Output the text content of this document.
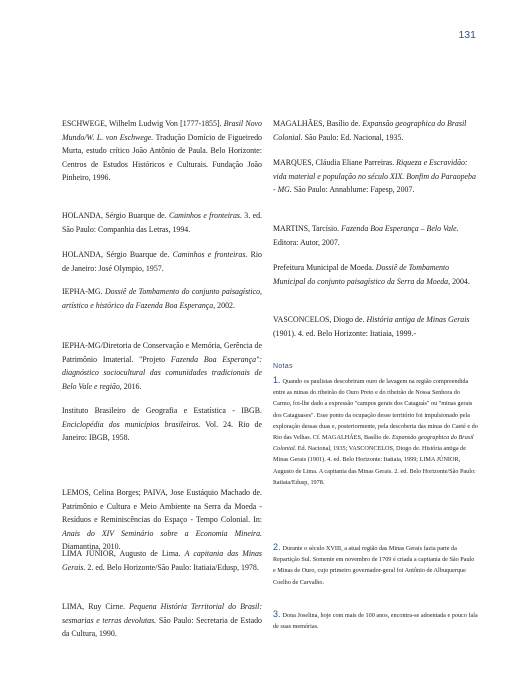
131

ESCHWEGE, Wilhelm Ludwig Von [1777-1855]. Brasil Novo Mundo/W. L. von Eschwege. Tradução Domício de Figueiredo Murta, estudo crítico João Antônio de Paula. Belo Horizonte: Centros de Estudos Históricos e Culturais. Fundação João Pinheiro, 1996.

HOLANDA, Sérgio Buarque de. Caminhos e fronteiras. 3. ed. São Paulo: Companhia das Letras, 1994.

HOLANDA, Sérgio Buarque de. Caminhos e fronteiras. Rio de Janeiro: José Olympio, 1957.

IEPHA-MG. Dossiê de Tombamento do conjunto paisagístico, artístico e histórico da Fazenda Boa Esperança, 2002.

IEPHA-MG/Diretoria de Conservação e Memória, Gerência de Patrimônio Imaterial. "Projeto Fazenda Boa Esperança": diagnóstico sociocultural das comunidades tradicionais de Belo Vale e região, 2016.

Instituto Brasileiro de Geografia e Estatística - IBGB. Enciclopédia dos municípios brasileiros. Vol. 24. Rio de Janeiro: IBGB, 1958.

LEMOS, Celina Borges; PAIVA, Jose Eustáquio Machado de. Patrimônio e Cultura e Meio Ambiente na Serra da Moeda - Resíduos e Reminiscências do Espaço - Tempo Colonial. In: Anais do XIV Seminário sobre a Economia Mineira. Diamantina, 2010.

LIMA JÚNIOR, Augusto de Lima. A capitania das Minas Gerais. 2. ed. Belo Horizonte/São Paulo: Itatiaia/Edusp, 1978.

LIMA, Ruy Cirne. Pequena História Territorial do Brasil: sesmarias e terras devolutas. São Paulo: Secretaria de Estado da Cultura, 1990.

MAGALHÃES, Basílio de. Expansão geographica do Brasil Colonial. São Paulo: Ed. Nacional, 1935.

MARQUES, Cláudia Eliane Parreiras. Riqueza e Escravidão: vida material e população no século XIX. Bonfim do Paraopeba - MG. São Paulo: Annablume: Fapesp, 2007.

MARTINS, Tarcísio. Fazenda Boa Esperança – Belo Vale. Editora: Autor, 2007.

Prefeitura Municipal de Moeda. Dossiê de Tombamento Municipal do conjunto paisagístico da Serra da Moeda, 2004.

VASCONCELOS, Diogo de. História antiga de Minas Gerais (1901). 4. ed. Belo Horizonte: Itatiaia, 1999.-

Notas

1. Quando os paulistas descobriram ouro de lavagem na região compreendida entre as minas do ribeirão do Ouro Preto e do ribeirão de Nossa Senhora do Carmo, foi-lhe dado a expressão "campos gerais dos Cataguás" ou "minas gerais dos Cataguases". Esse ponto da ocupação desse território foi impulsionado pela exploração dessas duas e, posteriormente, pela descoberta das minas do Caeté e do Rio das Velhas. Cf. MAGALHÃES, Basílio de. Expansão geographica do Brasil Colonial. Ed. Nacional, 1935; VASCONCELOS, Diogo de. História antiga de Minas Gerais (1901). 4. ed. Belo Horizonte: Itatiaia, 1999; LIMA JÚNIOR, Augusto de Lima. A capitania das Minas Gerais. 2. ed. Belo Horizonte/São Paulo: Itatiaia/Edusp, 1978.

2. Durante o século XVIII, a atual região das Minas Gerais fazia parte da Repartição Sul. Somente em novembro de 1709 é criada a capitania de São Paulo e Minas de Ouro, cujo primeiro governador-geral foi Antônio de Albuquerque Coelho de Carvalho.

3. Dona Joselina, hoje com mais de 100 anos, encontra-se adoentada e pouco fala de suas memórias.
